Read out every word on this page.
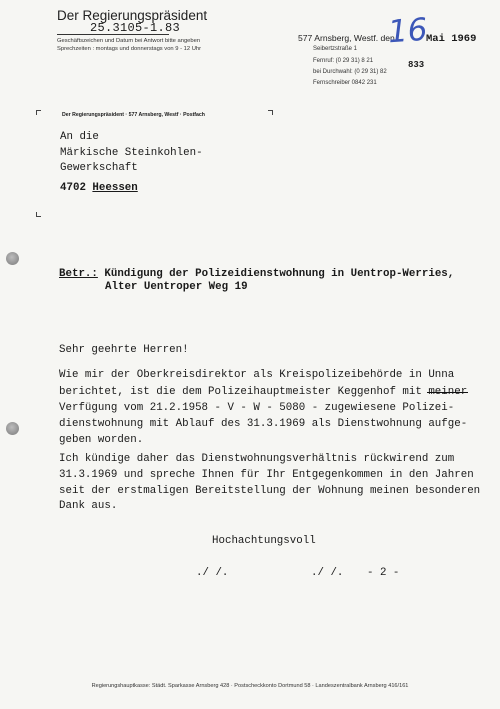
Der Regierungspräsident
25.3105-1.83
Geschäftszeichen und Datum bei Antwort bitte angeben
Sprechzeiten : montags und donnerstags von 9 - 12 Uhr
577 Arnsberg, Westf. den
16
Mai 1969
Seibertzstraße 1
Fernruf: (0 29 31) 8 21
bei Durchwahl: (0 29 31) 82
Fernschreiber 0842 231
833
Der Regierungspräsident · 577 Arnsberg, Westf · Postfach
An die
Märkische Steinkohlen-
Gewerkschaft
4702 Heessen
Betr.: Kündigung der Polizeidienstwohnung in Uentrop-Werries,
Alter Uentroper Weg 19
Sehr geehrte Herren!
Wie mir der Oberkreisdirektor als Kreispolizeibehörde in Unna
berichtet, ist die dem Polizeihauptmeister Keggenhof mit meiner
Verfügung vom 21.2.1958 - V - W - 5080 - zugewiesene Polizei-
dienstwohnung mit Ablauf des 31.3.1969 als Dienstwohnung aufge-
geben worden.
Ich kündige daher das Dienstwohnungsverhältnis rückwirend zum
31.3.1969 und spreche Ihnen für Ihr Entgegenkommen in den Jahren
seit der erstmaligen Bereitstellung der Wohnung meinen besonderen
Dank aus.
Hochachtungsvoll
./ /.	./ /. - 2 -
Regierungshauptkasse: Städt. Sparkasse Arnsberg 428 · Postscheckkonto Dortmund 58 · Landeszentralbank Arnsberg 416/161
